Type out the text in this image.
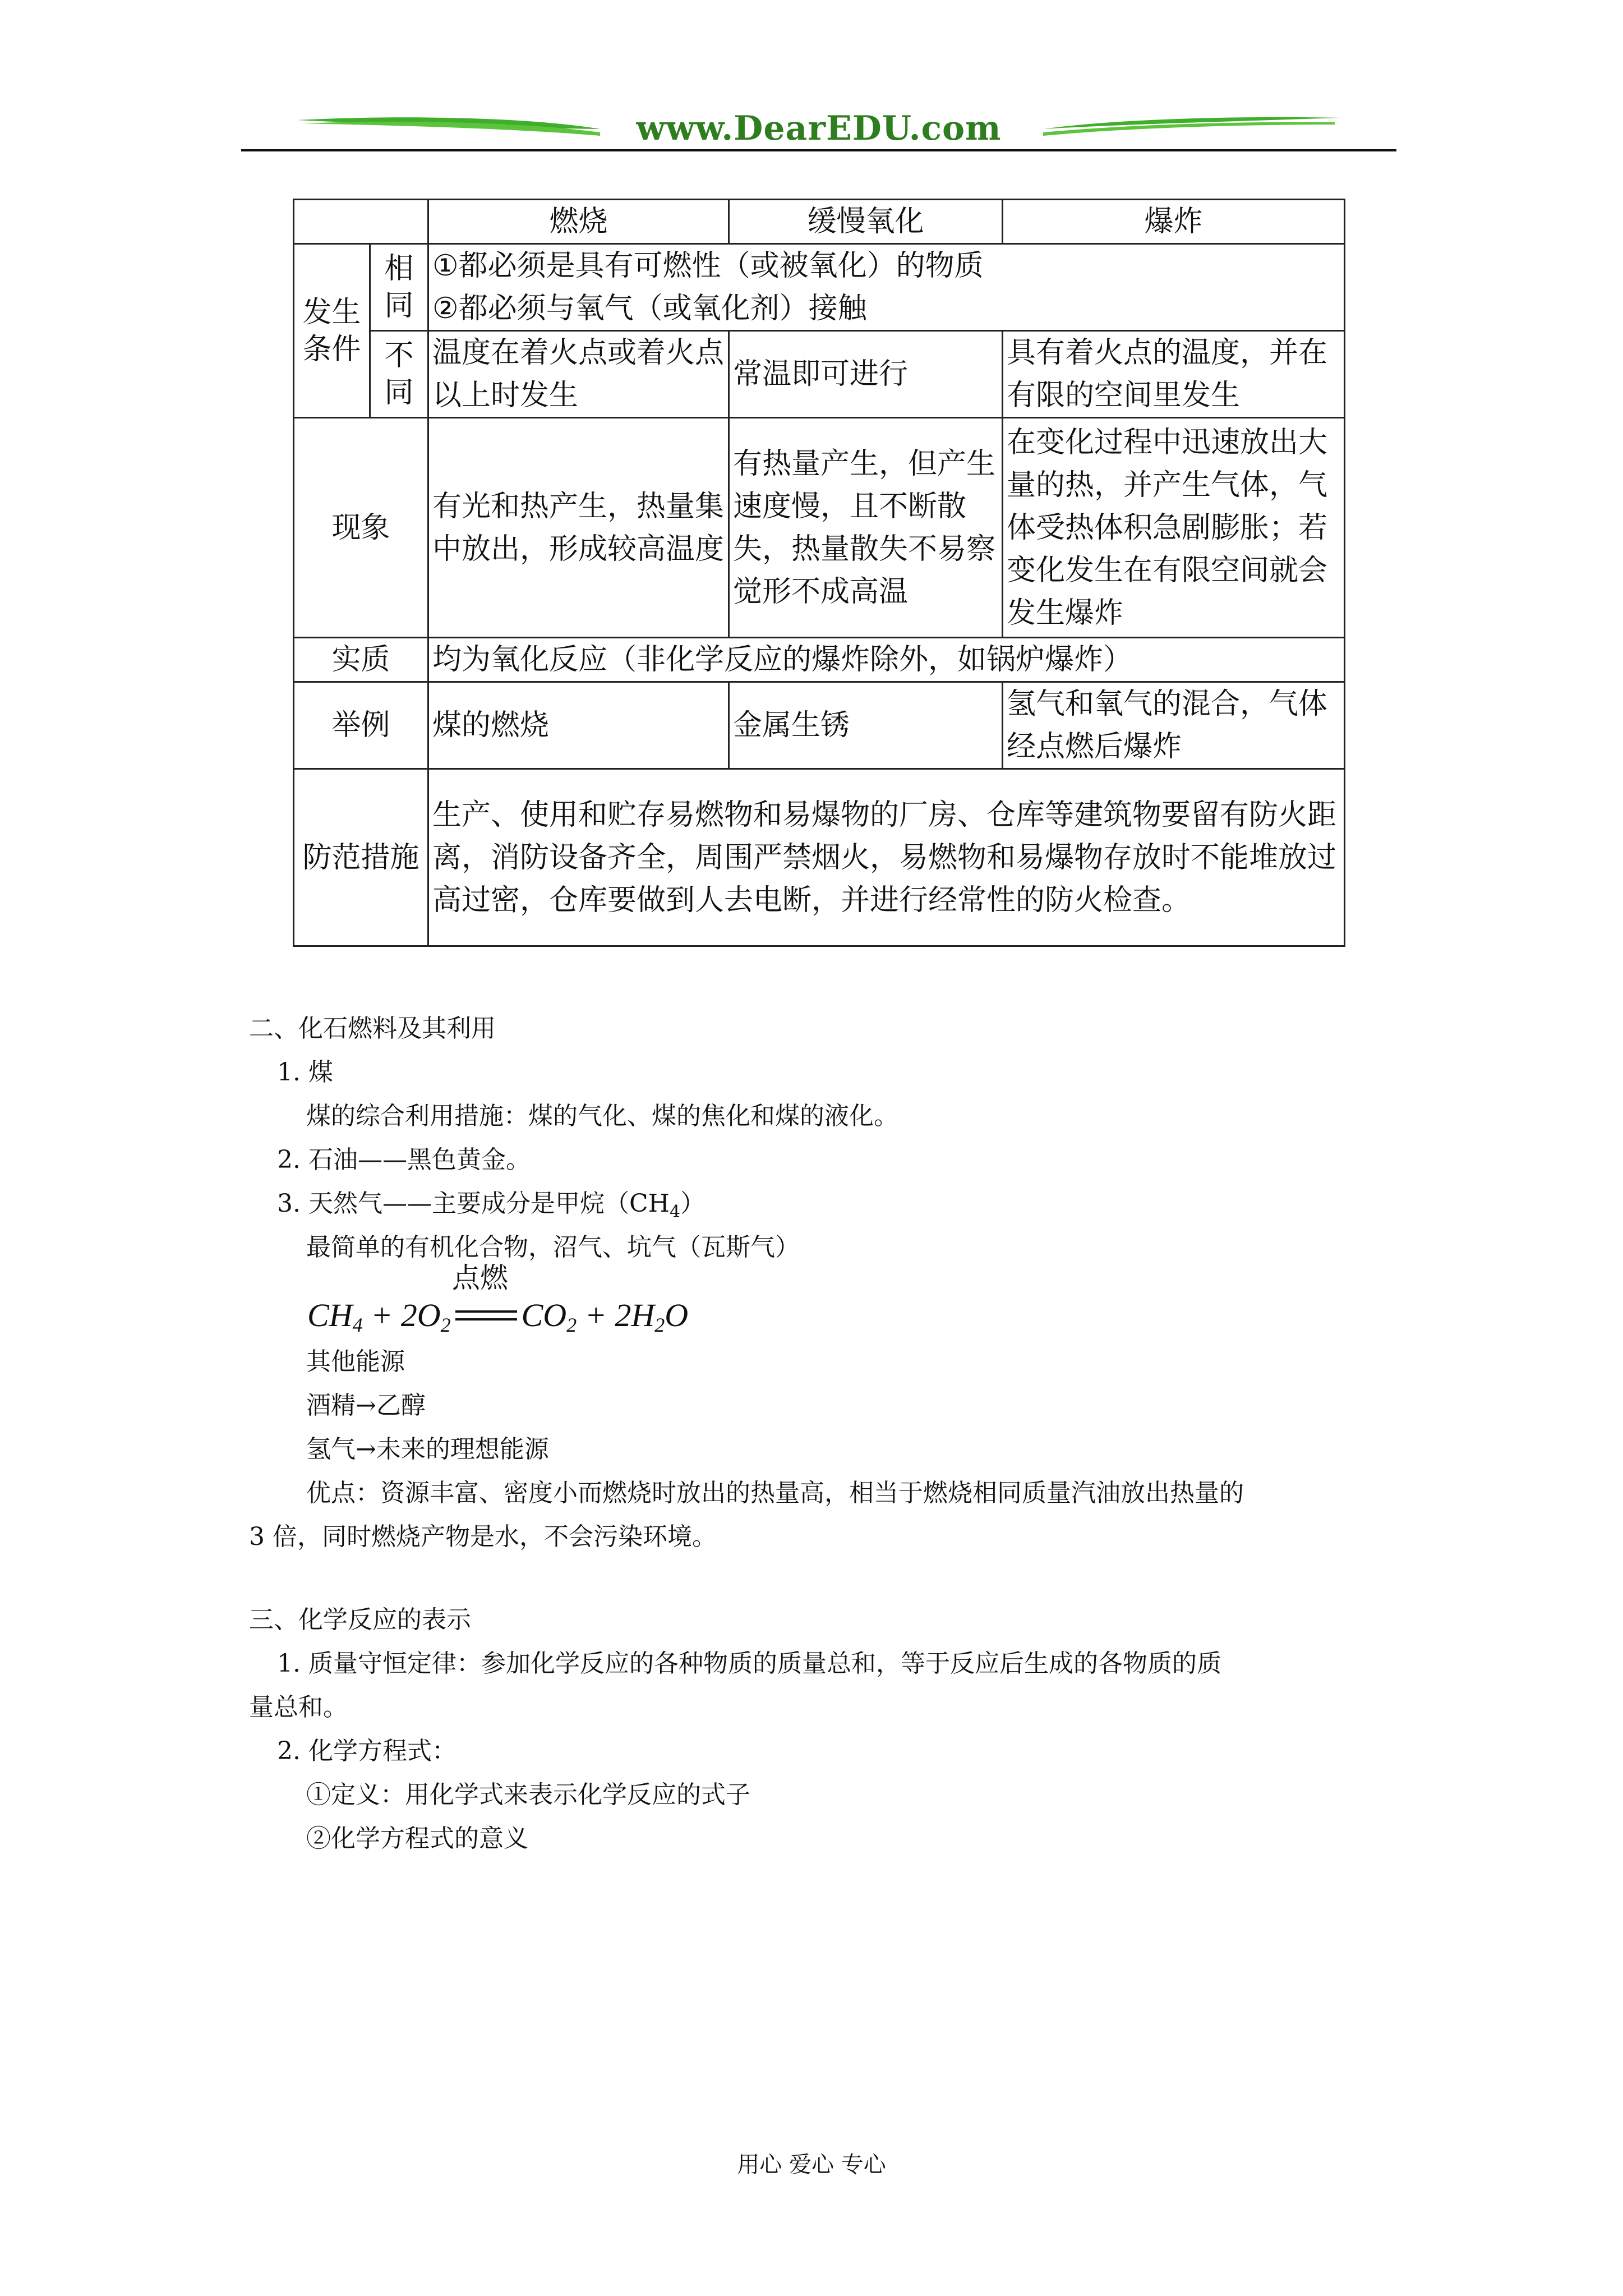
www.DearEDU.com
		燃烧	缓慢氧化	爆炸
发生条件	相同	①都必须是具有可燃性（或被氧化）的物质
②都必须与氧气（或氧化剂）接触		

	不同	温度在着火点或着火点以上时发生	常温即可进行	具有着火点的温度，并在有限的空间里发生
现象		有光和热产生，热量集中放出，形成较高温度	有热量产生，但产生速度慢，且不断散失，热量散失不易察觉形不成高温	在变化过程中迅速放出大量的热，并产生气体，气体受热体积急剧膨胀；若变化发生在有限空间就会发生爆炸
实质		均为氧化反应（非化学反应的爆炸除外，如锅炉爆炸）		
举例		煤的燃烧	金属生锈	氢气和氧气的混合，气体经点燃后爆炸
防范措施		生产、使用和贮存易燃物和易爆物的厂房、仓库等建筑物要留有防火距离，消防设备齐全，周围严禁烟火，易燃物和易爆物存放时不能堆放过高过密，仓库要做到人去电断，并进行经常性的防火检查。		
二、化石燃料及其利用
1. 煤
煤的综合利用措施：煤的气化、煤的焦化和煤的液化。
2. 石油——黑色黄金。
3. 天然气——主要成分是甲烷$(CH_4)$
最简单的有机化合物，沼气、坑气（瓦斯气）
点燃
$CH_4 + 2O_2$ $CO_2 + 2H_2O$
其他能源
酒精→乙醇
氢气→未来的理想能源
优点：资源丰富、密度小而燃烧时放出的热量高，相当于燃烧相同质量汽油放出热量的
3 倍，同时燃烧产物是水，不会污染环境。
三、化学反应的表示
1. 质量守恒定律：参加化学反应的各种物质的质量总和，等于反应后生成的各物质的质
量总和。
2. 化学方程式：
①定义：用化学式来表示化学反应的式子
②化学方程式的意义
用心 爱心 专心
